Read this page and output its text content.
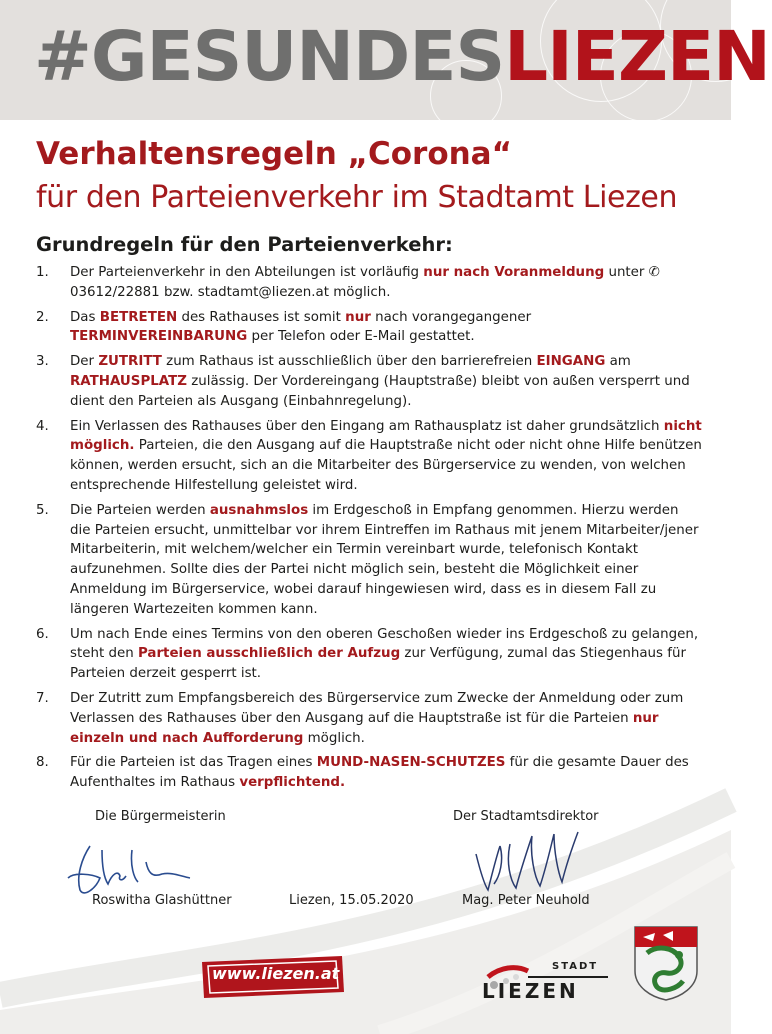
#GESUNDESLIEZEN
Verhaltensregeln „Corona“
für den Parteienverkehr im Stadtamt Liezen
Grundregeln für den Parteienverkehr:
1. Der Parteienverkehr in den Abteilungen ist vorläufig nur nach Voranmeldung unter ✆ 03612/22881 bzw. stadtamt@liezen.at möglich.
2. Das BETRETEN des Rathauses ist somit nur nach vorangegangener TERMINVEREINBARUNG per Telefon oder E-Mail gestattet.
3. Der ZUTRITT zum Rathaus ist ausschließlich über den barrierefreien EINGANG am RATHAUSPLATZ zulässig. Der Vordereingang (Hauptstraße) bleibt von außen versperrt und dient den Parteien als Ausgang (Einbahnregelung).
4. Ein Verlassen des Rathauses über den Eingang am Rathausplatz ist daher grundsätzlich nicht möglich. Parteien, die den Ausgang auf die Hauptstraße nicht oder nicht ohne Hilfe benützen können, werden ersucht, sich an die Mitarbeiter des Bürgerservice zu wenden, von welchen entsprechende Hilfestellung geleistet wird.
5. Die Parteien werden ausnahmslos im Erdgeschoß in Empfang genommen. Hierzu werden die Parteien ersucht, unmittelbar vor ihrem Eintreffen im Rathaus mit jenem Mitarbeiter/jener Mitarbeiterin, mit welchem/welcher ein Termin vereinbart wurde, telefonisch Kontakt aufzunehmen. Sollte dies der Partei nicht möglich sein, besteht die Möglichkeit einer Anmeldung im Bürgerservice, wobei darauf hingewiesen wird, dass es in diesem Fall zu längeren Wartezeiten kommen kann.
6. Um nach Ende eines Termins von den oberen Geschoßen wieder ins Erdgeschoß zu gelangen, steht den Parteien ausschließlich der Aufzug zur Verfügung, zumal das Stiegenhaus für Parteien derzeit gesperrt ist.
7. Der Zutritt zum Empfangsbereich des Bürgerservice zum Zwecke der Anmeldung oder zum Verlassen des Rathauses über den Ausgang auf die Hauptstraße ist für die Parteien nur einzeln und nach Aufforderung möglich.
8. Für die Parteien ist das Tragen eines MUND-NASEN-SCHUTZES für die gesamte Dauer des Aufenthaltes im Rathaus verpflichtend.
Die Bürgermeisterin	Der Stadtamtsdirektor
Roswitha Glashüttner	Liezen, 15.05.2020	Mag. Peter Neuhold
www.liezen.at	STADT
LIEZEN
